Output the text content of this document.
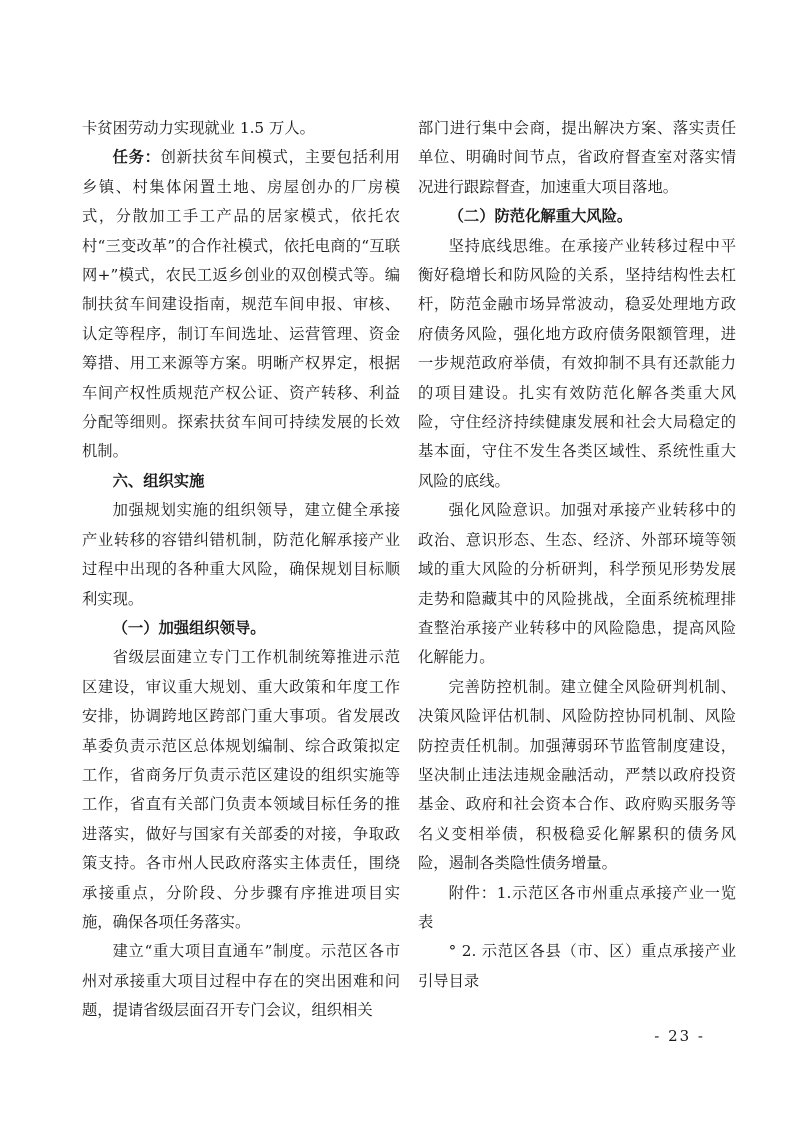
卡贫困劳动力实现就业 1.5 万人。

任务：创新扶贫车间模式，主要包括利用乡镇、村集体闲置土地、房屋创办的厂房模式，分散加工手工产品的居家模式，依托农村“三变改革”的合作社模式，依托电商的“互联网+”模式，农民工返乡创业的双创模式等。编制扶贫车间建设指南，规范车间申报、审核、认定等程序，制订车间选址、运营管理、资金筹措、用工来源等方案。明晰产权界定，根据车间产权性质规范产权公证、资产转移、利益分配等细则。探索扶贫车间可持续发展的长效机制。

六、组织实施

加强规划实施的组织领导，建立健全承接产业转移的容错纠错机制，防范化解承接产业过程中出现的各种重大风险，确保规划目标顺利实现。

（一）加强组织领导。

省级层面建立专门工作机制统筹推进示范区建设，审议重大规划、重大政策和年度工作安排，协调跨地区跨部门重大事项。省发展改革委负责示范区总体规划编制、综合政策拟定工作，省商务厅负责示范区建设的组织实施等工作，省直有关部门负责本领域目标任务的推进落实，做好与国家有关部委的对接，争取政策支持。各市州人民政府落实主体责任，围绕承接重点，分阶段、分步骤有序推进项目实施，确保各项任务落实。

建立“重大项目直通车”制度。示范区各市州对承接重大项目过程中存在的突出困难和问题，提请省级层面召开专门会议，组织相关

部门进行集中会商，提出解决方案、落实责任单位、明确时间节点，省政府督查室对落实情况进行跟踪督查，加速重大项目落地。

（二）防范化解重大风险。

坚持底线思维。在承接产业转移过程中平衡好稳增长和防风险的关系，坚持结构性去杠杆，防范金融市场异常波动，稳妥处理地方政府债务风险，强化地方政府债务限额管理，进一步规范政府举债，有效抑制不具有还款能力的项目建设。扎实有效防范化解各类重大风险，守住经济持续健康发展和社会大局稳定的基本面，守住不发生各类区域性、系统性重大风险的底线。

强化风险意识。加强对承接产业转移中的政治、意识形态、生态、经济、外部环境等领域的重大风险的分析研判，科学预见形势发展走势和隐藏其中的风险挑战，全面系统梳理排查整治承接产业转移中的风险隐患，提高风险化解能力。

完善防控机制。建立健全风险研判机制、决策风险评估机制、风险防控协同机制、风险防控责任机制。加强薄弱环节监管制度建设，坚决制止违法违规金融活动，严禁以政府投资基金、政府和社会资本合作、政府购买服务等名义变相举债，积极稳妥化解累积的债务风险，遏制各类隐性债务增量。

附件：1.示范区各市州重点承接产业一览表

° 2. 示范区各县（市、区）重点承接产业引导目录

- 23 -
